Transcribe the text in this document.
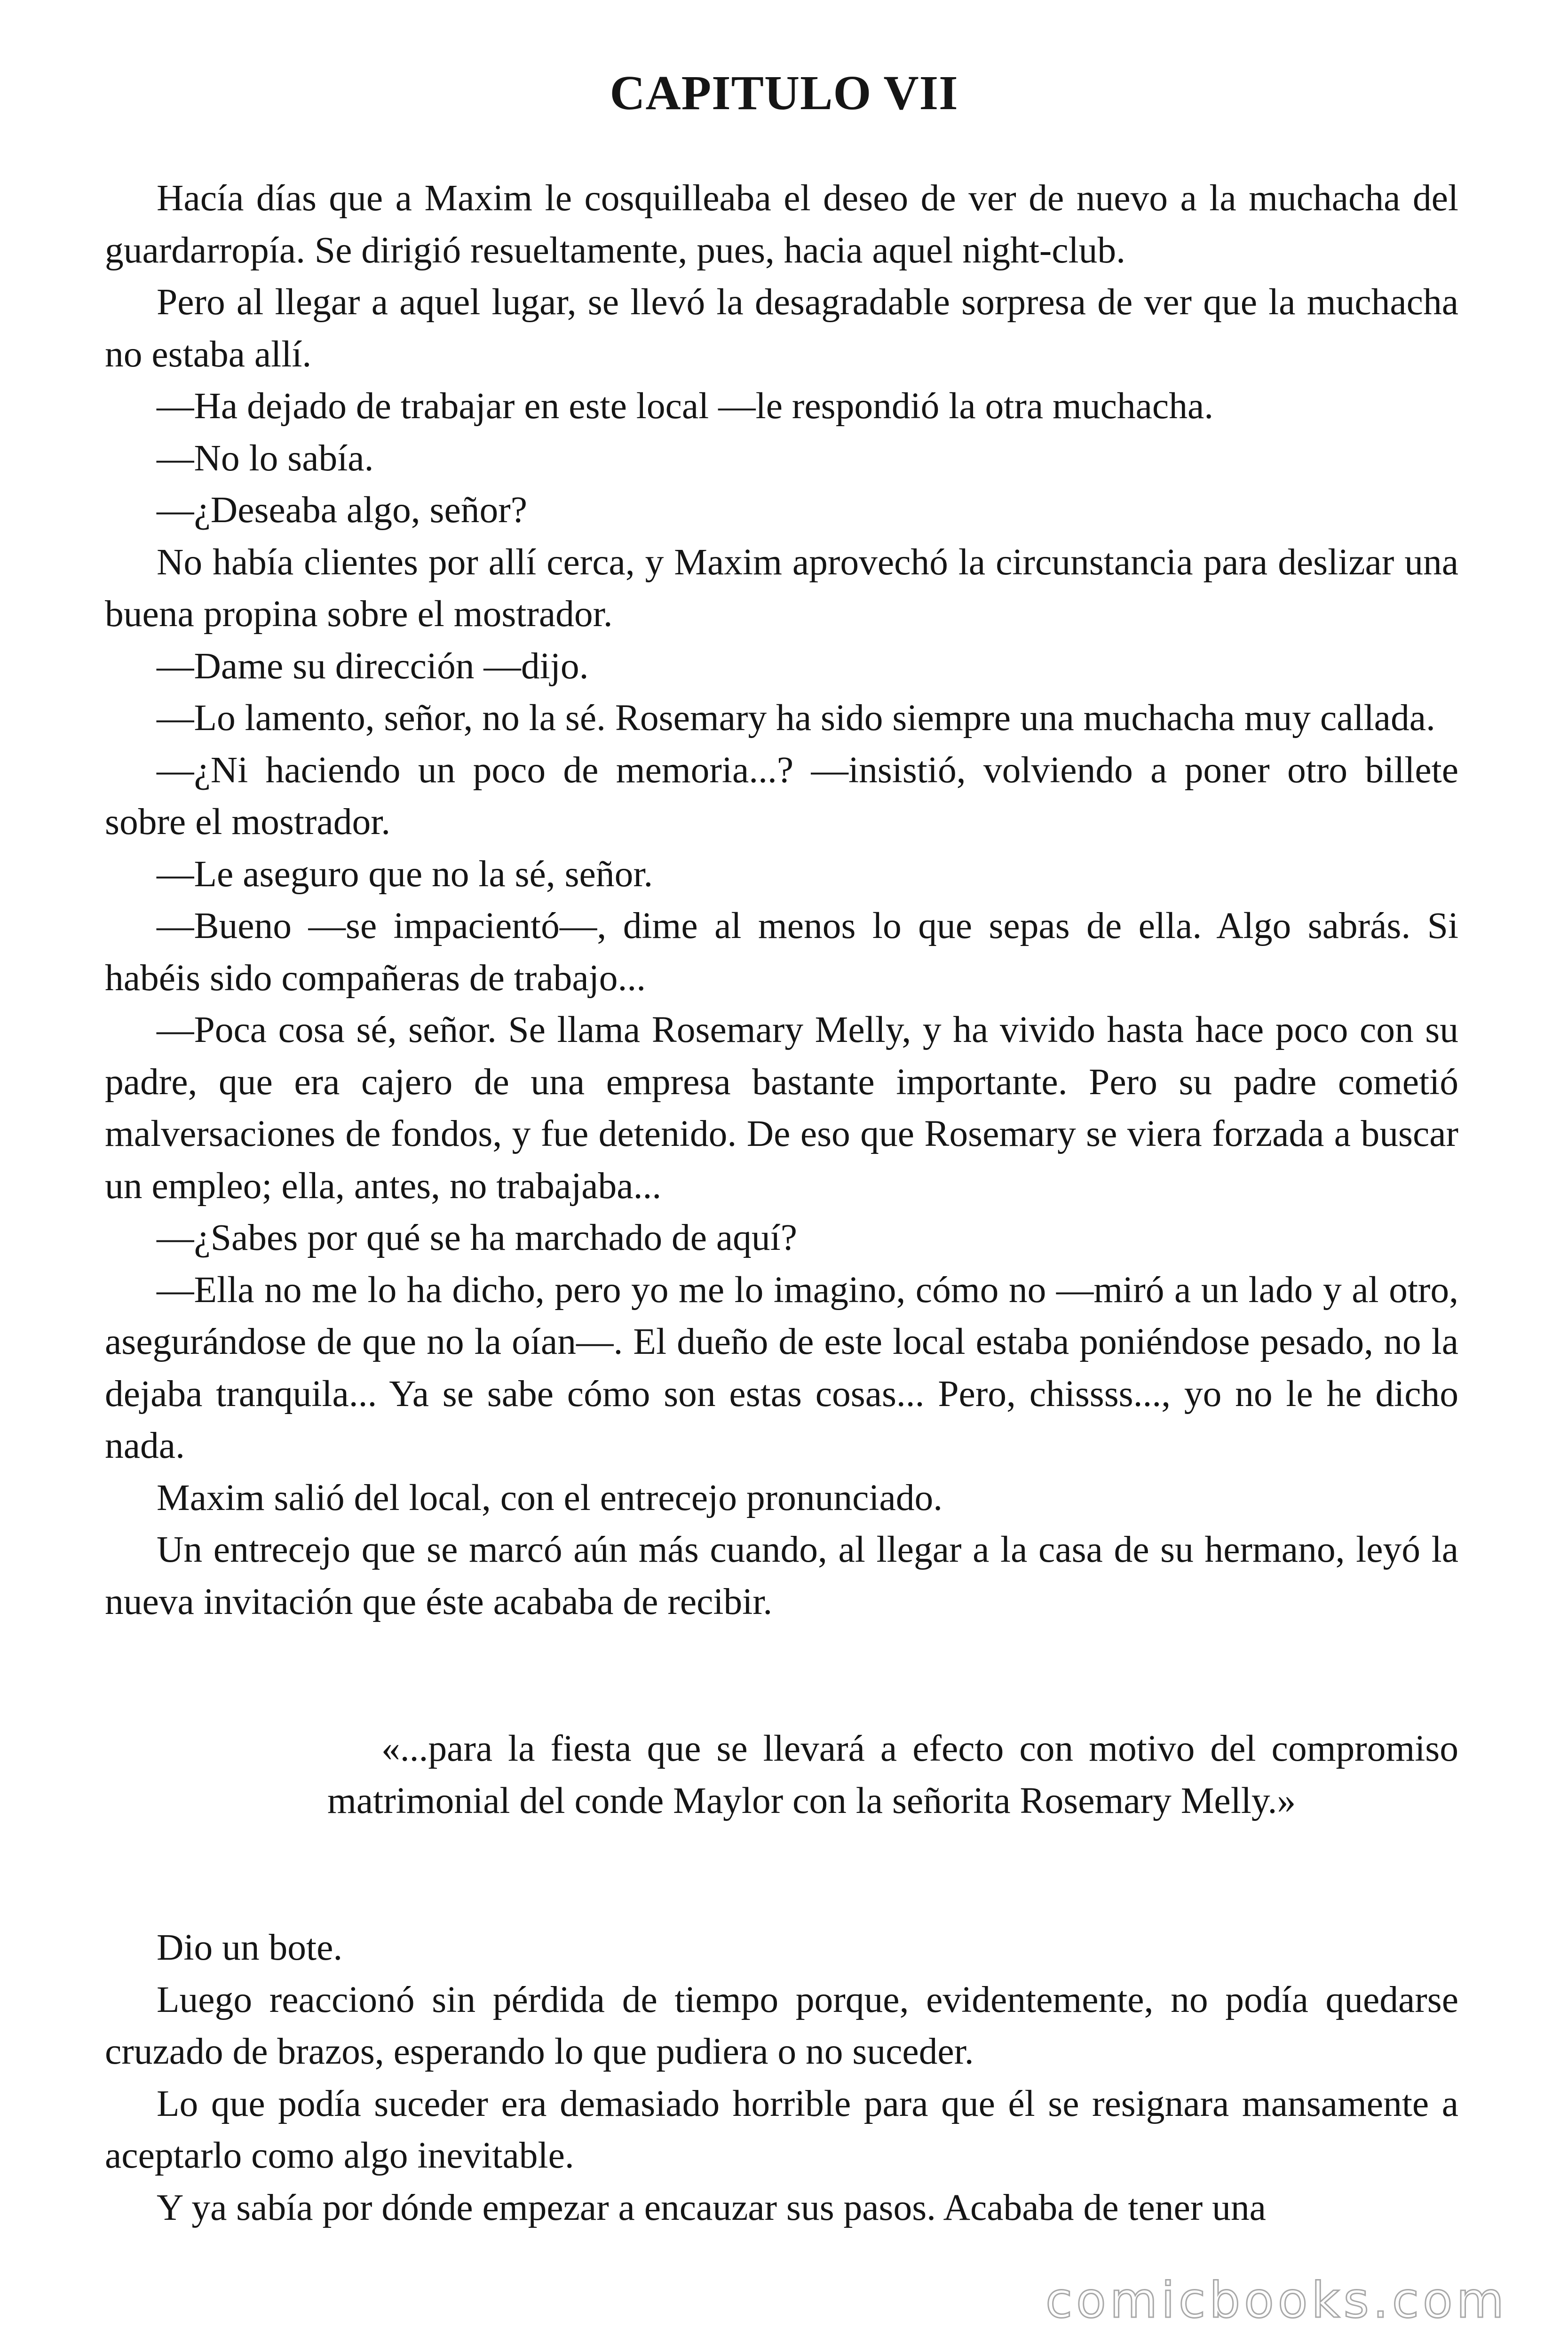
CAPITULO VII

Hacía días que a Maxim le cosquilleaba el deseo de ver de nuevo a la muchacha del guardarropía. Se dirigió resueltamente, pues, hacia aquel night-club.

Pero al llegar a aquel lugar, se llevó la desagradable sorpresa de ver que la muchacha no estaba allí.

—Ha dejado de trabajar en este local —le respondió la otra muchacha.

—No lo sabía.

—¿Deseaba algo, señor?

No había clientes por allí cerca, y Maxim aprovechó la circunstancia para deslizar una buena propina sobre el mostrador.

—Dame su dirección —dijo.

—Lo lamento, señor, no la sé. Rosemary ha sido siempre una muchacha muy callada.

—¿Ni haciendo un poco de memoria...? —insistió, volviendo a poner otro billete sobre el mostrador.

—Le aseguro que no la sé, señor.

—Bueno —se impacientó—, dime al menos lo que sepas de ella. Algo sabrás. Si habéis sido compañeras de trabajo...

—Poca cosa sé, señor. Se llama Rosemary Melly, y ha vivido hasta hace poco con su padre, que era cajero de una empresa bastante importante. Pero su padre cometió malversaciones de fondos, y fue detenido. De eso que Rosemary se viera forzada a buscar un empleo; ella, antes, no trabajaba...

—¿Sabes por qué se ha marchado de aquí?

—Ella no me lo ha dicho, pero yo me lo imagino, cómo no —miró a un lado y al otro, asegurándose de que no la oían—. El dueño de este local estaba poniéndose pesado, no la dejaba tranquila... Ya se sabe cómo son estas cosas... Pero, chissss..., yo no le he dicho nada.

Maxim salió del local, con el entrecejo pronunciado.

Un entrecejo que se marcó aún más cuando, al llegar a la casa de su hermano, leyó la nueva invitación que éste acababa de recibir.

«...para la fiesta que se llevará a efecto con motivo del compromiso matrimonial del conde Maylor con la señorita Rosemary Melly.»

Dio un bote.

Luego reaccionó sin pérdida de tiempo porque, evidentemente, no podía quedarse cruzado de brazos, esperando lo que pudiera o no suceder.

Lo que podía suceder era demasiado horrible para que él se resignara mansamente a aceptarlo como algo inevitable.

Y ya sabía por dónde empezar a encauzar sus pasos. Acababa de tener una

comicbooks.com
